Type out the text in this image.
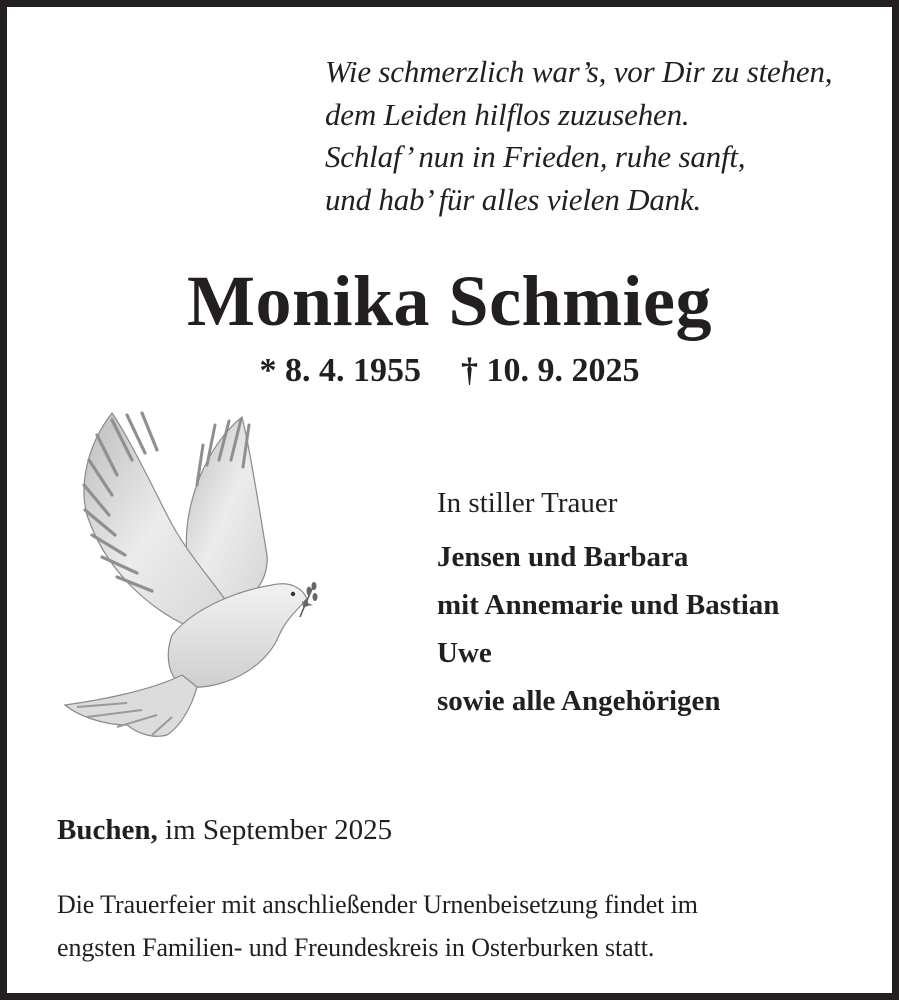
Wie schmerzlich war’s, vor Dir zu stehen,
dem Leiden hilflos zuzusehen.
Schlaf’ nun in Frieden, ruhe sanft,
und hab’ für alles vielen Dank.
Monika Schmieg
* 8. 4. 1955 † 10. 9. 2025
In stiller Trauer
Jensen und Barbara
mit Annemarie und Bastian
Uwe
sowie alle Angehörigen
Buchen, im September 2025
Die Trauerfeier mit anschließender Urnenbeisetzung findet im
engsten Familien- und Freundeskreis in Osterburken statt.
